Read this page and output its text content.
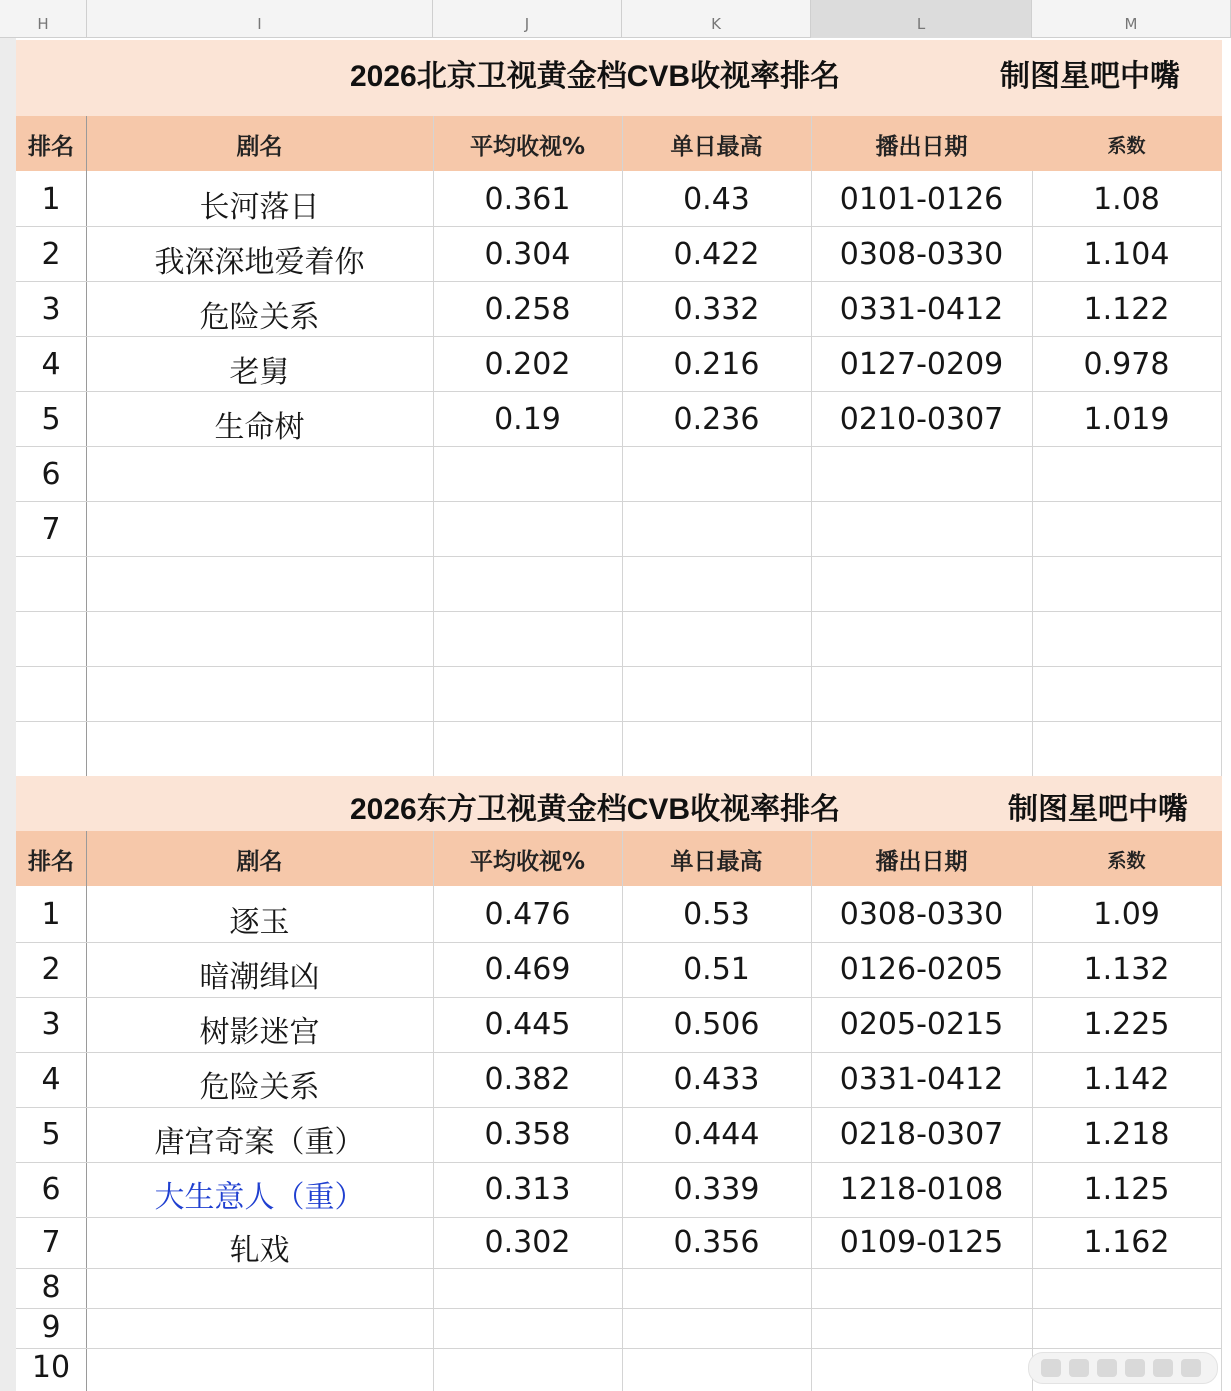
H	I	J	K	L	M
2026北京卫视黄金档CVB收视率排名	制图星吧中嘴
排名	剧名	平均收视%	单日最高	播出日期	系数
1	长河落日	0.361	0.43	0101-0126	1.08
2	我深深地爱着你	0.304	0.422	0308-0330	1.104
3	危险关系	0.258	0.332	0331-0412	1.122
4	老舅	0.202	0.216	0127-0209	0.978
5	生命树	0.19	0.236	0210-0307	1.019
6
7
2026东方卫视黄金档CVB收视率排名	制图星吧中嘴
排名	剧名	平均收视%	单日最高	播出日期	系数
1	逐玉	0.476	0.53	0308-0330	1.09
2	暗潮缉凶	0.469	0.51	0126-0205	1.132
3	树影迷宫	0.445	0.506	0205-0215	1.225
4	危险关系	0.382	0.433	0331-0412	1.142
5	唐宫奇案（重）	0.358	0.444	0218-0307	1.218
6	大生意人（重）	0.313	0.339	1218-0108	1.125
7	轧戏	0.302	0.356	0109-0125	1.162
8
9
10
